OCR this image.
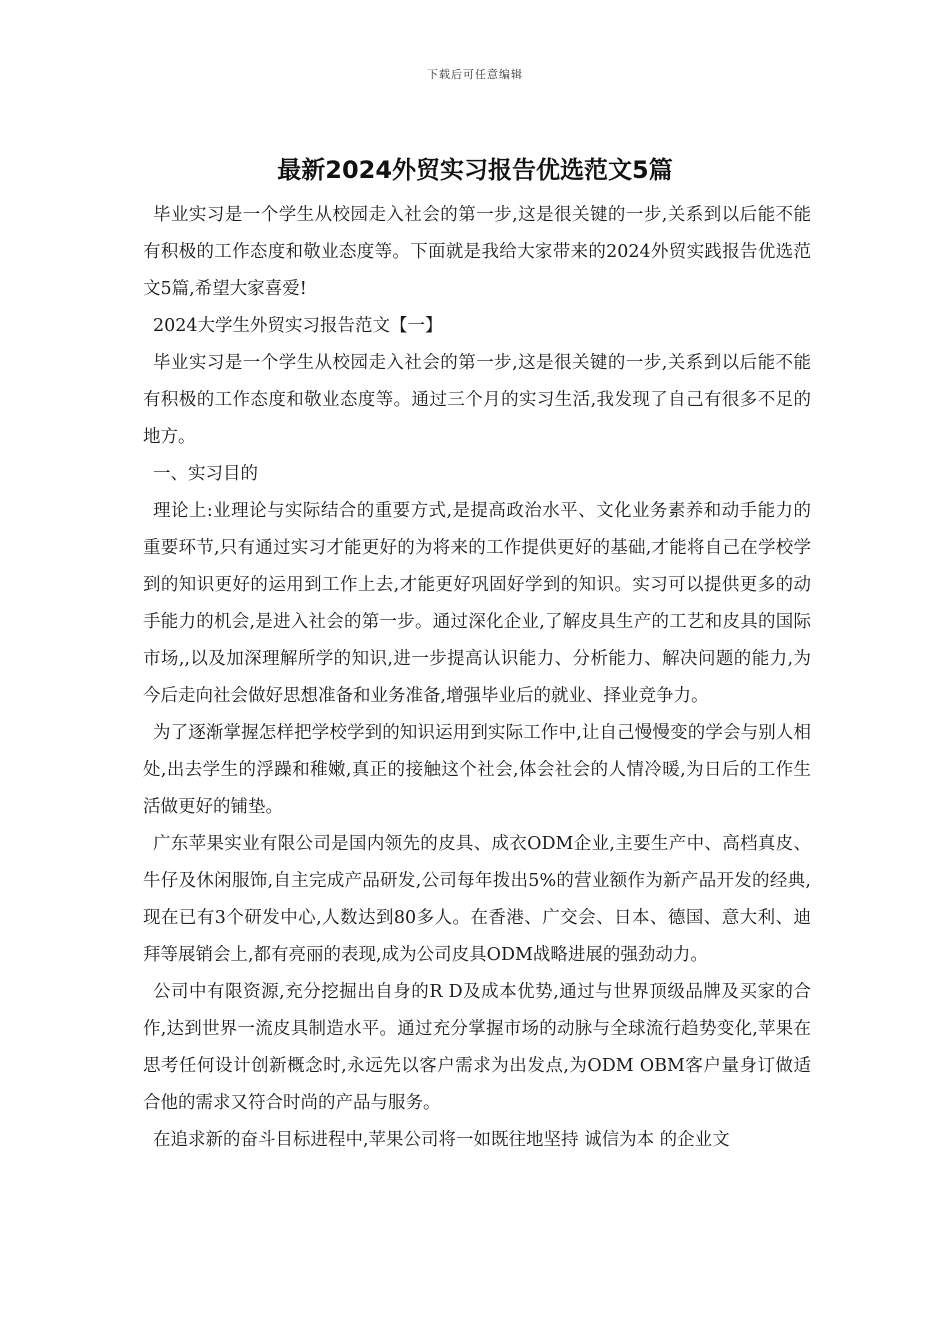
下载后可任意编辑
最新2024外贸实习报告优选范文5篇

毕业实习是一个学生从校园走入社会的第一步,这是很关键的一步,关系到以后能不能有积极的工作态度和敬业态度等。下面就是我给大家带来的2024外贸实践报告优选范文5篇,希望大家喜爱!

2024大学生外贸实习报告范文【一】

毕业实习是一个学生从校园走入社会的第一步,这是很关键的一步,关系到以后能不能有积极的工作态度和敬业态度等。通过三个月的实习生活,我发现了自己有很多不足的地方。

一、实习目的

理论上:业理论与实际结合的重要方式,是提高政治水平、文化业务素养和动手能力的重要环节,只有通过实习才能更好的为将来的工作提供更好的基础,才能将自己在学校学到的知识更好的运用到工作上去,才能更好巩固好学到的知识。实习可以提供更多的动手能力的机会,是进入社会的第一步。通过深化企业,了解皮具生产的工艺和皮具的国际市场,,以及加深理解所学的知识,进一步提高认识能力、分析能力、解决问题的能力,为今后走向社会做好思想准备和业务准备,增强毕业后的就业、择业竞争力。

为了逐渐掌握怎样把学校学到的知识运用到实际工作中,让自己慢慢变的学会与别人相处,出去学生的浮躁和稚嫩,真正的接触这个社会,体会社会的人情冷暖,为日后的工作生活做更好的铺垫。

广东苹果实业有限公司是国内领先的皮具、成衣ODM企业,主要生产中、高档真皮、牛仔及休闲服饰,自主完成产品研发,公司每年拨出5%的营业额作为新产品开发的经典,现在已有3个研发中心,人数达到80多人。在香港、广交会、日本、德国、意大利、迪拜等展销会上,都有亮丽的表现,成为公司皮具ODM战略进展的强劲动力。

公司中有限资源,充分挖掘出自身的R D及成本优势,通过与世界顶级品牌及买家的合作,达到世界一流皮具制造水平。通过充分掌握市场的动脉与全球流行趋势变化,苹果在思考任何设计创新概念时,永远先以客户需求为出发点,为ODM OBM客户量身订做适合他的需求又符合时尚的产品与服务。

在追求新的奋斗目标进程中,苹果公司将一如既往地坚持 诚信为本 的企业文
